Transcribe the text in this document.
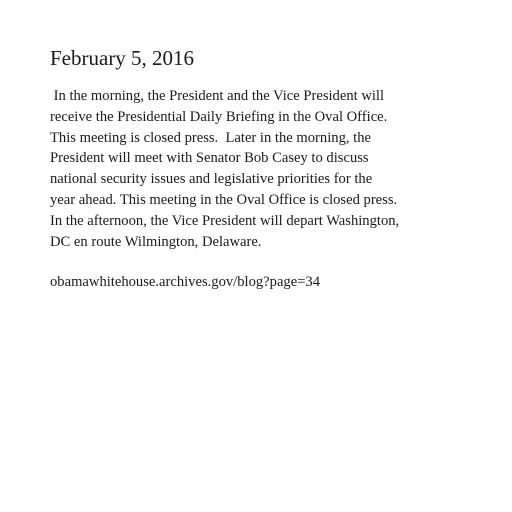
February 5, 2016

In the morning, the President and the Vice President will
receive the Presidential Daily Briefing in the Oval Office.
This meeting is closed press.  Later in the morning, the
President will meet with Senator Bob Casey to discuss
national security issues and legislative priorities for the
year ahead. This meeting in the Oval Office is closed press.
In the afternoon, the Vice President will depart Washington,
DC en route Wilmington, Delaware.

obamawhitehouse.archives.gov/blog?page=34
